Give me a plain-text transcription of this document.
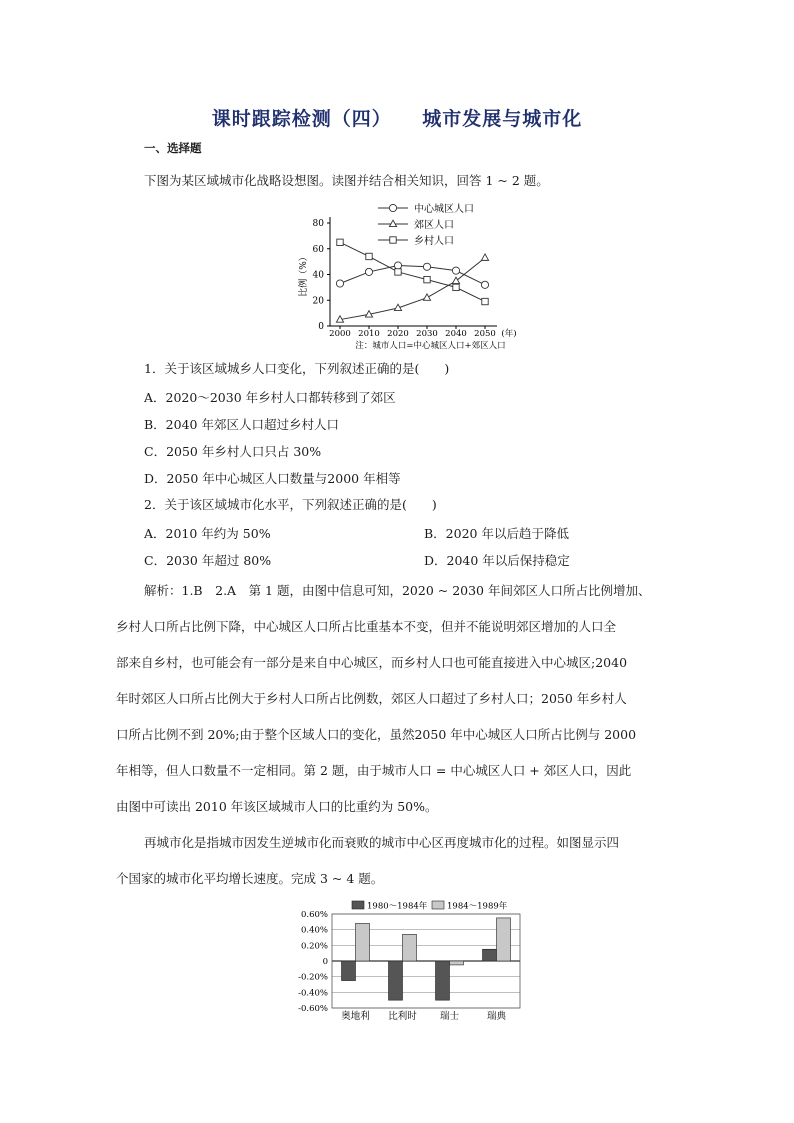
课时跟踪检测（四）    城市发展与城市化
一、选择题
下图为某区域城市化战略设想图。读图并结合相关知识，回答 1 ~ 2 题。
0
20
40
60
80
2000 2010 2020 2030 2040 2050 (年)
比例（%）
注：城市人口=中心城区人口+郊区人口
中心城区人口
郊区人口
乡村人口
1．关于该区域城乡人口变化，下列叙述正确的是(　　)
A．2020～2030 年乡村人口都转移到了郊区
B．2040 年郊区人口超过乡村人口
C．2050 年乡村人口只占 30%
D．2050 年中心城区人口数量与2000 年相等
2．关于该区域城市化水平，下列叙述正确的是(　　)
A．2010 年约为 50%	B．2020 年以后趋于降低
C．2030 年超过 80%	D．2040 年以后保持稳定
解析：1.B　2.A　第 1 题，由图中信息可知，2020 ~ 2030 年间郊区人口所占比例增加、
乡村人口所占比例下降，中心城区人口所占比重基本不变，但并不能说明郊区增加的人口全
部来自乡村，也可能会有一部分是来自中心城区，而乡村人口也可能直接进入中心城区;2040
年时郊区人口所占比例大于乡村人口所占比例数，郊区人口超过了乡村人口；2050 年乡村人
口所占比例不到 20%;由于整个区域人口的变化，虽然2050 年中心城区人口所占比例与 2000
年相等，但人口数量不一定相同。第 2 题，由于城市人口 = 中心城区人口 + 郊区人口，因此
由图中可读出 2010 年该区域城市人口的比重约为 50%。
再城市化是指城市因发生逆城市化而衰败的城市中心区再度城市化的过程。如图显示四
个国家的城市化平均增长速度。完成 3 ~ 4 题。
0.60%
0.40%
0.20%
0
-0.20%
-0.40%
-0.60%
奥地利 比利时 瑞士	瑞典
1980～1984年 1984～1989年
